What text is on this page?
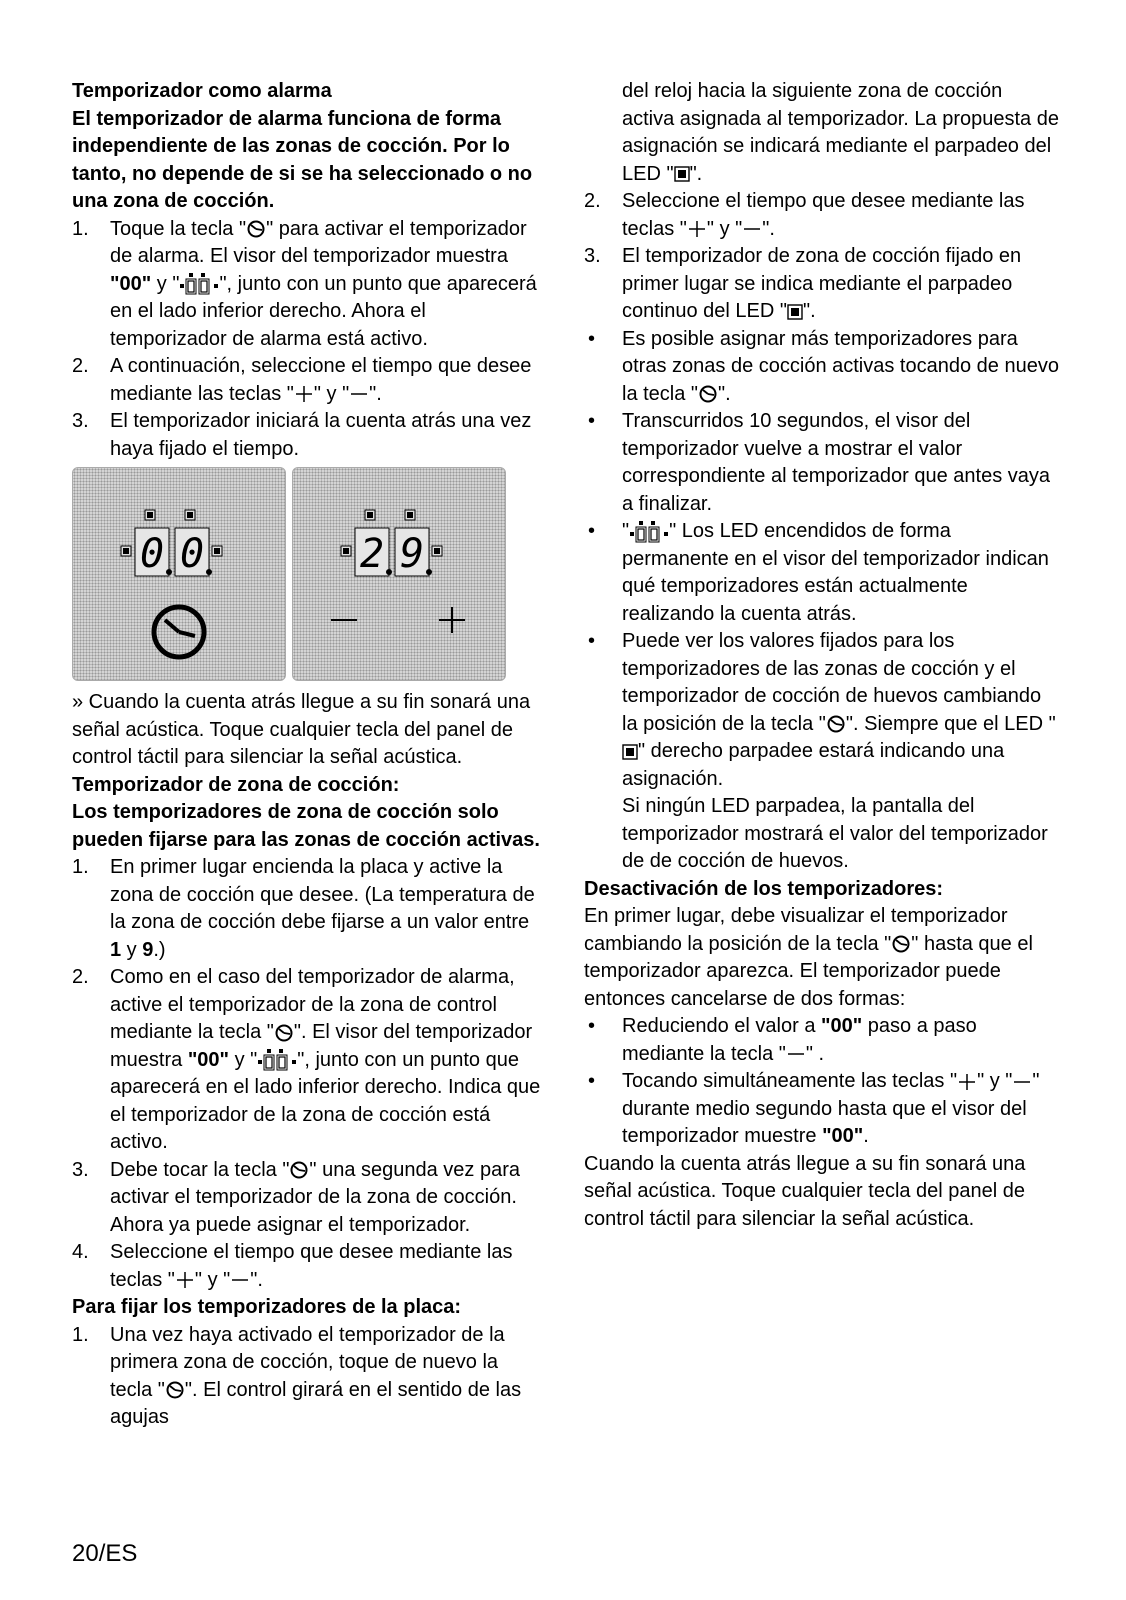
Temporizador como alarma

El temporizador de alarma funciona de forma independiente de las zonas de cocción. Por lo tanto, no depende de si se ha seleccionado o no una zona de cocción.

1.	Toque la tecla " " para activar el temporizador de alarma. El visor del temporizador muestra "00" y " ", junto con un punto que aparecerá en el lado inferior derecho. Ahora el temporizador de alarma está activo.
2.	A continuación, seleccione el tiempo que desee mediante las teclas " " y " ".
3.	El temporizador iniciará la cuenta atrás una vez haya fijado el tiempo.
0 0	2 9

» Cuando la cuenta atrás llegue a su fin sonará una señal acústica. Toque cualquier tecla del panel de control táctil para silenciar la señal acústica.

Temporizador de zona de cocción:

Los temporizadores de zona de cocción solo pueden fijarse para las zonas de cocción activas.

1.	En primer lugar encienda la placa y active la zona de cocción que desee. (La temperatura de la zona de cocción debe fijarse a un valor entre 1 y 9.)
2.	Como en el caso del temporizador de alarma, active el temporizador de la zona de control mediante la tecla " ". El visor del temporizador muestra "00" y " ", junto con un punto que aparecerá en el lado inferior derecho. Indica que el temporizador de la zona de cocción está activo.
3.	Debe tocar la tecla " " una segunda vez para activar el temporizador de la zona de cocción. Ahora ya puede asignar el temporizador.
4.	Seleccione el tiempo que desee mediante las teclas " " y " ".

Para fijar los temporizadores de la placa:

1.	Una vez haya activado el temporizador de la primera zona de cocción, toque de nuevo la tecla " ". El control girará en el sentido de las agujas
del reloj hacia la siguiente zona de cocción activa asignada al temporizador. La propuesta de asignación se indicará mediante el parpadeo del LED " ".
2.	Seleccione el tiempo que desee mediante las teclas " " y " ".
3.	El temporizador de zona de cocción fijado en primer lugar se indica mediante el parpadeo continuo del LED " ".
•	Es posible asignar más temporizadores para otras zonas de cocción activas tocando de nuevo la tecla " ".
•	Transcurridos 10 segundos, el visor del temporizador vuelve a mostrar el valor correspondiente al temporizador que antes vaya a finalizar.
•	" " Los LED encendidos de forma permanente en el visor del temporizador indican qué temporizadores están actualmente realizando la cuenta atrás.
•	Puede ver los valores fijados para los temporizadores de las zonas de cocción y el temporizador de cocción de huevos cambiando la posición de la tecla " ". Siempre que el LED "" derecho parpadee estará indicando una asignación.
Si ningún LED parpadea, la pantalla del temporizador mostrará el valor del temporizador de de cocción de huevos.

Desactivación de los temporizadores:

En primer lugar, debe visualizar el temporizador cambiando la posición de la tecla " " hasta que el temporizador aparezca. El temporizador puede entonces cancelarse de dos formas:

•	Reduciendo el valor a "00" paso a paso mediante la tecla " " .
•	Tocando simultáneamente las teclas " " y " " durante medio segundo hasta que el visor del temporizador muestre "00".

Cuando la cuenta atrás llegue a su fin sonará una señal acústica. Toque cualquier tecla del panel de control táctil para silenciar la señal acústica.

20/ES
